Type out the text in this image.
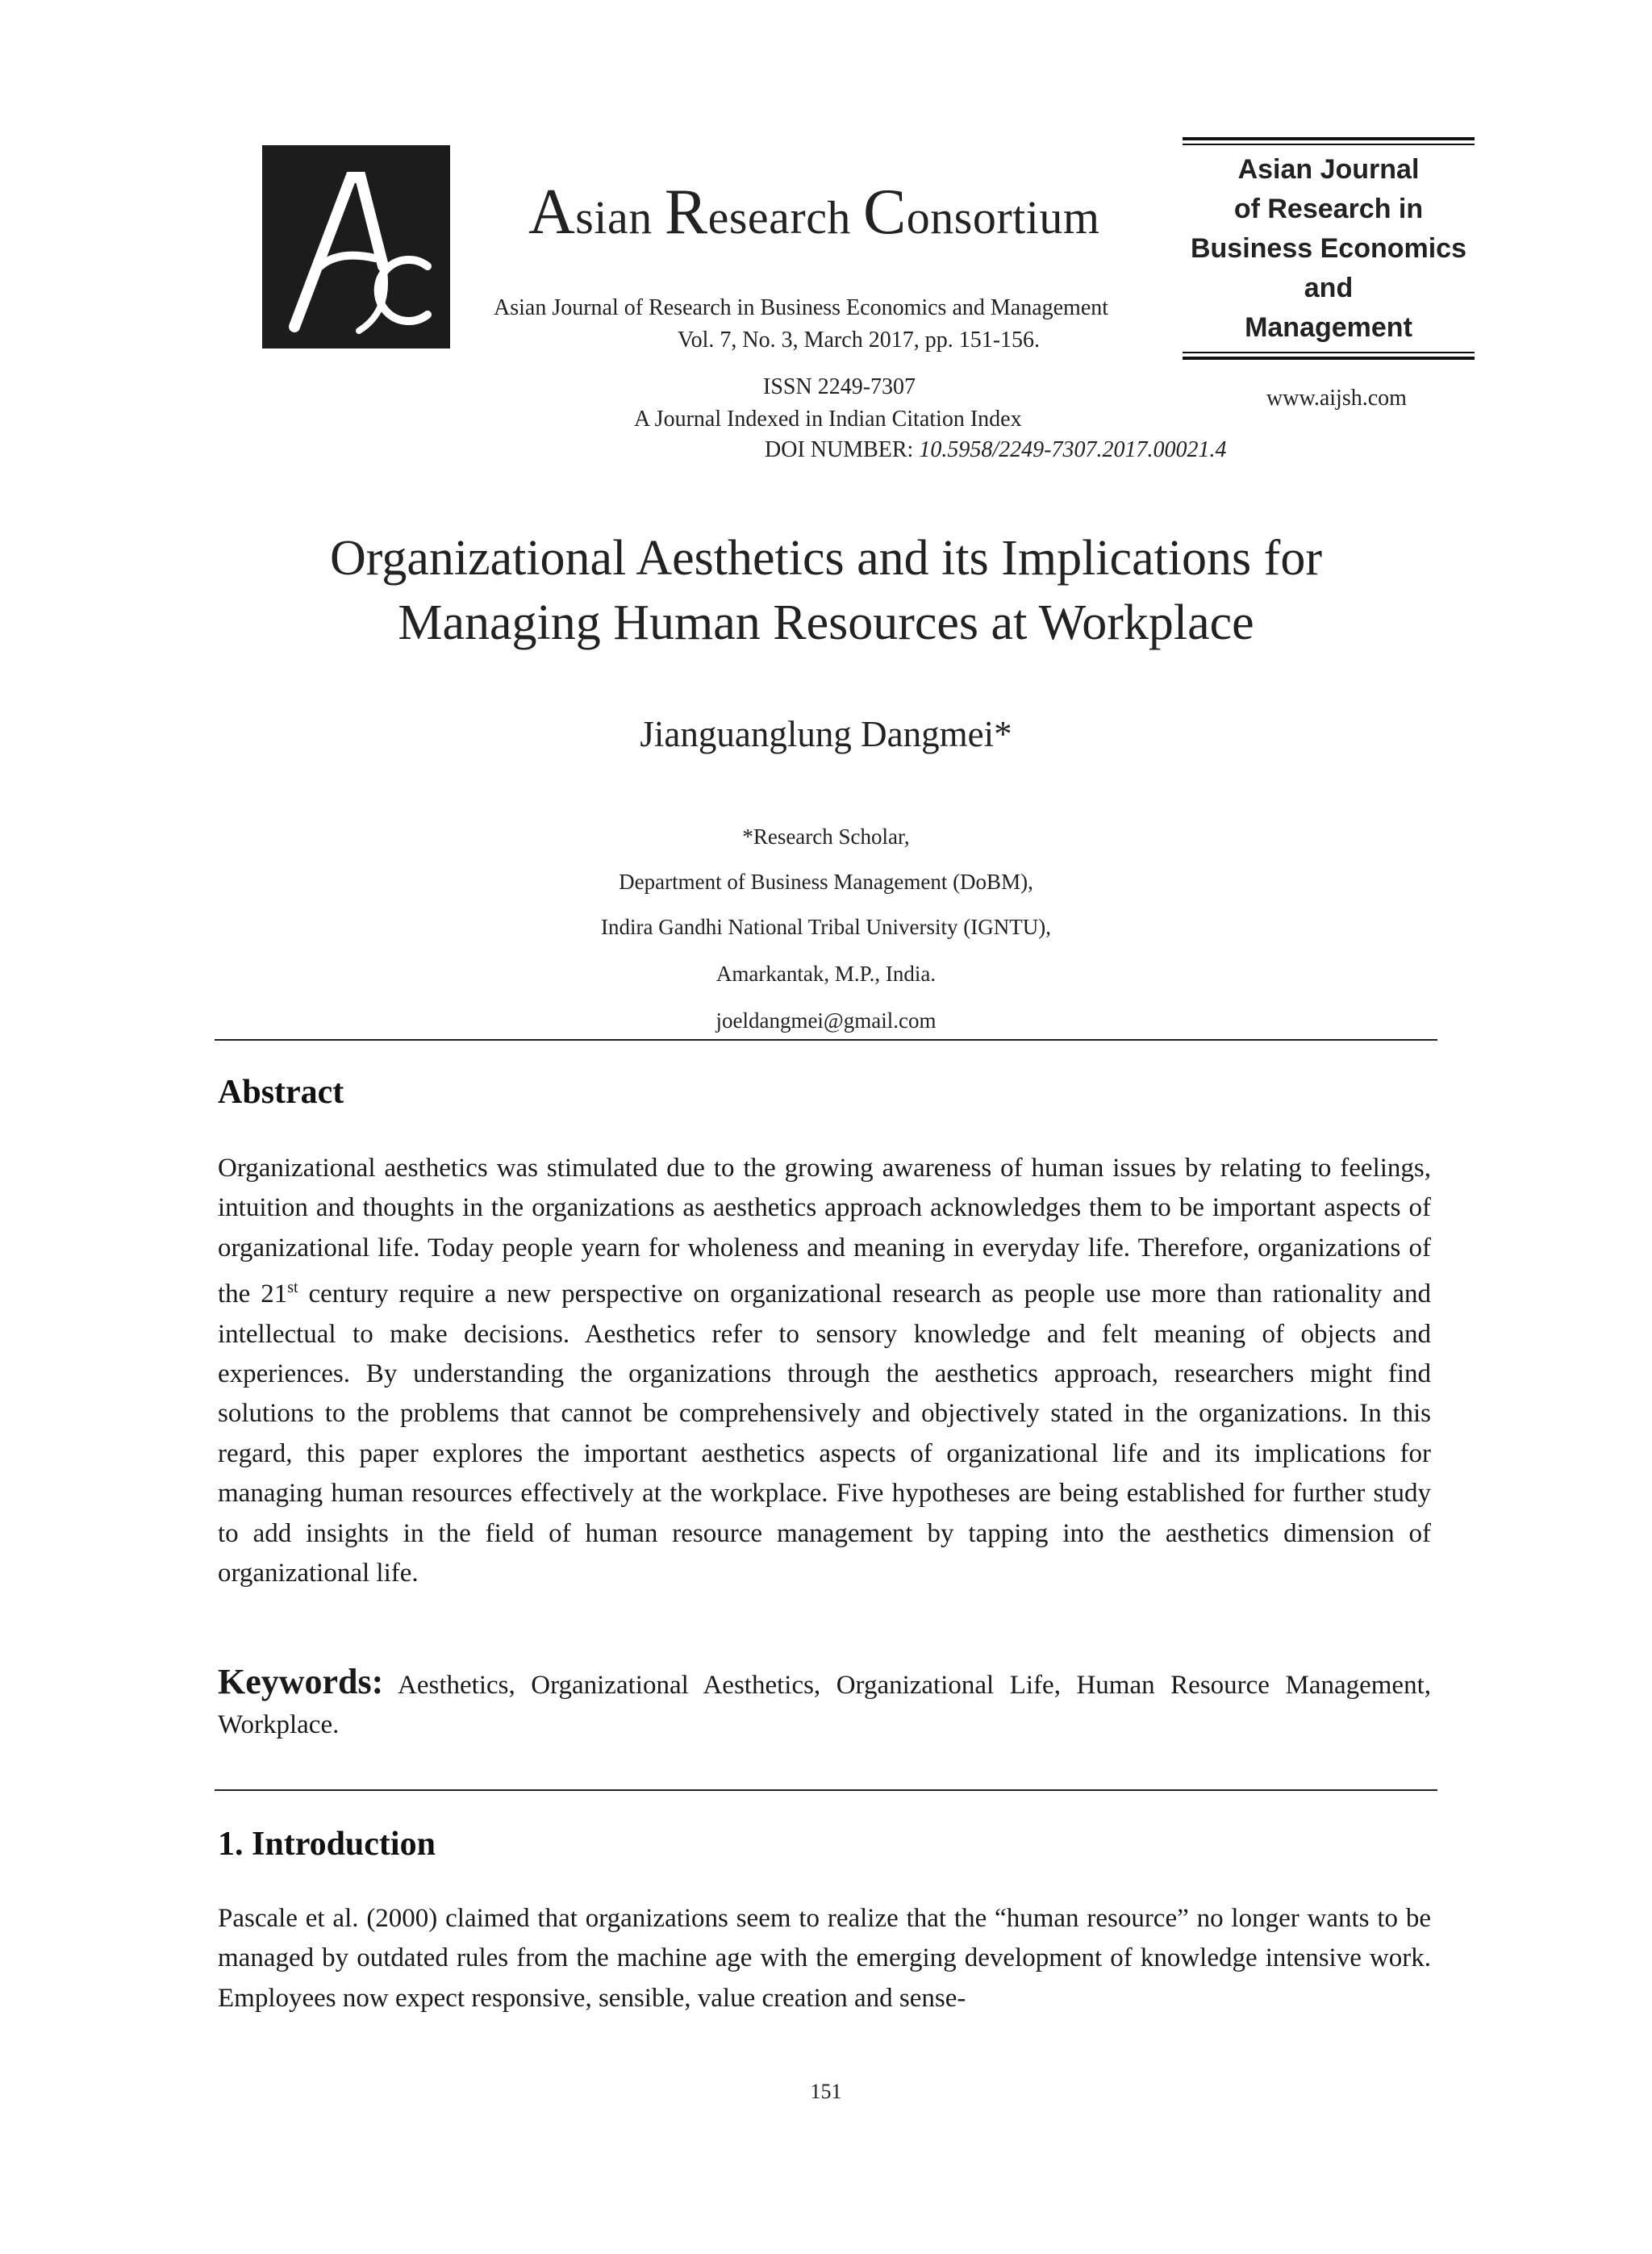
Asian Research Consortium
Asian Journal of Research in Business Economics and Management
Vol. 7, No. 3, March 2017, pp. 151-156.
ISSN 2249-7307
A Journal Indexed in Indian Citation Index
DOI NUMBER: 10.5958/2249-7307.2017.00021.4
Asian Journal
of Research in
Business Economics
and
Management
www.aijsh.com
Organizational Aesthetics and its Implications for
Managing Human Resources at Workplace
Jianguanglung Dangmei*
*Research Scholar,
Department of Business Management (DoBM),
Indira Gandhi National Tribal University (IGNTU),
Amarkantak, M.P., India.
joeldangmei@gmail.com
Abstract
Organizational aesthetics was stimulated due to the growing awareness of human issues by relating to feelings, intuition and thoughts in the organizations as aesthetics approach acknowledges them to be important aspects of organizational life. Today people yearn for wholeness and meaning in everyday life. Therefore, organizations of the 21st century require a new perspective on organizational research as people use more than rationality and intellectual to make decisions. Aesthetics refer to sensory knowledge and felt meaning of objects and experiences. By understanding the organizations through the aesthetics approach, researchers might find solutions to the problems that cannot be comprehensively and objectively stated in the organizations. In this regard, this paper explores the important aesthetics aspects of organizational life and its implications for managing human resources effectively at the workplace. Five hypotheses are being established for further study to add insights in the field of human resource management by tapping into the aesthetics dimension of organizational life.
Keywords: Aesthetics, Organizational Aesthetics, Organizational Life, Human Resource Management, Workplace.
1. Introduction
Pascale et al. (2000) claimed that organizations seem to realize that the “human resource” no longer wants to be managed by outdated rules from the machine age with the emerging development of knowledge intensive work. Employees now expect responsive, sensible, value creation and sense-
151
